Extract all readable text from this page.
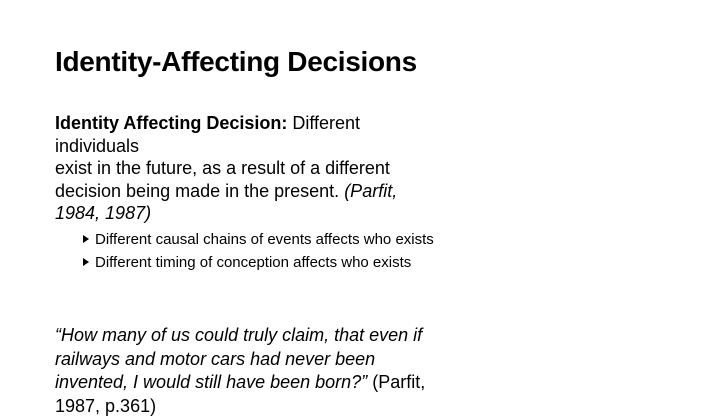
Identity-Affecting Decisions

Identity Affecting Decision: Different
individuals
exist in the future, as a result of a different
decision being made in the present. (Parfit,
1984, 1987)

Different causal chains of events affects who exists
Different timing of conception affects who exists

“How many of us could truly claim, that even if
railways and motor cars had never been
invented, I would still have been born?” (Parfit,
1987, p.361)
